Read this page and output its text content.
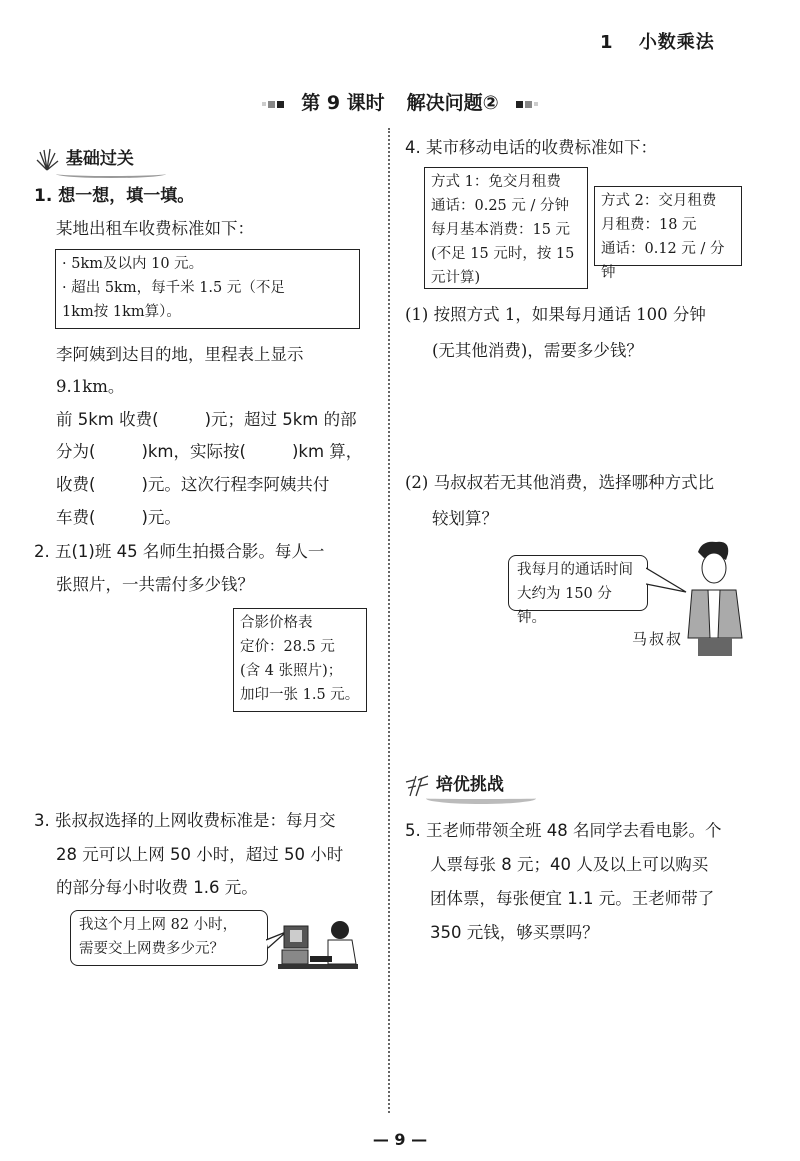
1 小数乘法
第 9 课时 解决问题②
基础过关
1. 想一想，填一填。
某地出租车收费标准如下：
· 5km及以内 10 元。
· 超出 5km，每千米 1.5 元（不足
1km按 1km算）。
李阿姨到达目的地，里程表上显示
9.1km。
前 5km 收费(	)元；超过 5km 的部
分为(	)km，实际按(	)km 算，
收费(	)元。这次行程李阿姨共付
车费(	)元。
2. 五(1)班 45 名师生拍摄合影。每人一
张照片，一共需付多少钱？
合影价格表
定价：28.5 元
(含 4 张照片)；
加印一张 1.5 元。
3. 张叔叔选择的上网收费标准是：每月交
28 元可以上网 50 小时，超过 50 小时
的部分每小时收费 1.6 元。
我这个月上网 82 小时，
需要交上网费多少元？
4. 某市移动电话的收费标准如下：
方式 1：免交月租费
通话：0.25 元 / 分钟
每月基本消费：15 元
(不足 15 元时，按 15
元计算)
方式 2：交月租费
月租费：18 元
通话：0.12 元 / 分钟
(1) 按照方式 1，如果每月通话 100 分钟
(无其他消费)，需要多少钱？
(2) 马叔叔若无其他消费，选择哪种方式比
较划算？
我每月的通话时间
大约为 150 分钟。
马叔叔
培优挑战
5. 王老师带领全班 48 名同学去看电影。个
人票每张 8 元；40 人及以上可以购买
团体票，每张便宜 1.1 元。王老师带了
350 元钱，够买票吗？
— 9 —
